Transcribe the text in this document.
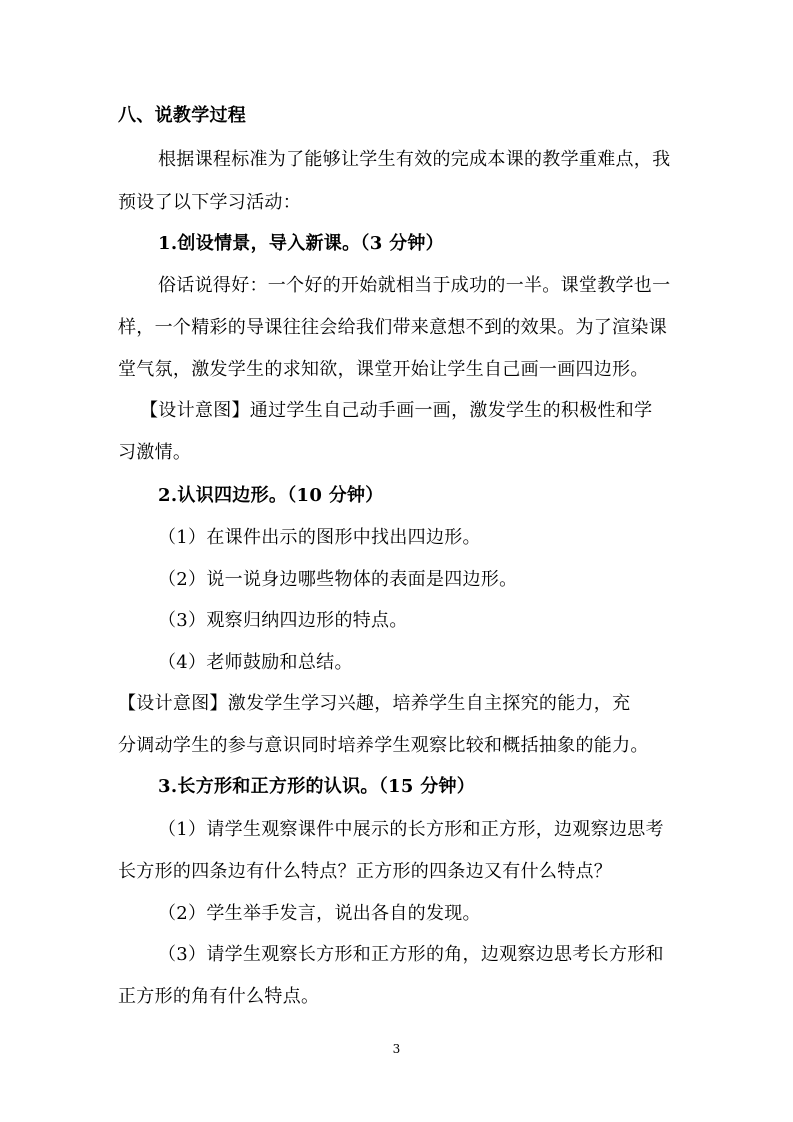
八、说教学过程

根据课程标准为了能够让学生有效的完成本课的教学重难点，我

预设了以下学习活动：

1.创设情景，导入新课。（3 分钟）

俗话说得好：一个好的开始就相当于成功的一半。课堂教学也一

样，一个精彩的导课往往会给我们带来意想不到的效果。为了渲染课

堂气氛，激发学生的求知欲，课堂开始让学生自己画一画四边形。

【设计意图】通过学生自己动手画一画，激发学生的积极性和学

习激情。

2.认识四边形。（10 分钟）

（1）在课件出示的图形中找出四边形。

（2）说一说身边哪些物体的表面是四边形。

（3）观察归纳四边形的特点。

（4）老师鼓励和总结。

【设计意图】激发学生学习兴趣，培养学生自主探究的能力，充

分调动学生的参与意识同时培养学生观察比较和概括抽象的能力。

3.长方形和正方形的认识。（15 分钟）

（1）请学生观察课件中展示的长方形和正方形，边观察边思考

长方形的四条边有什么特点？正方形的四条边又有什么特点？

（2）学生举手发言，说出各自的发现。

（3）请学生观察长方形和正方形的角，边观察边思考长方形和

正方形的角有什么特点。

3
